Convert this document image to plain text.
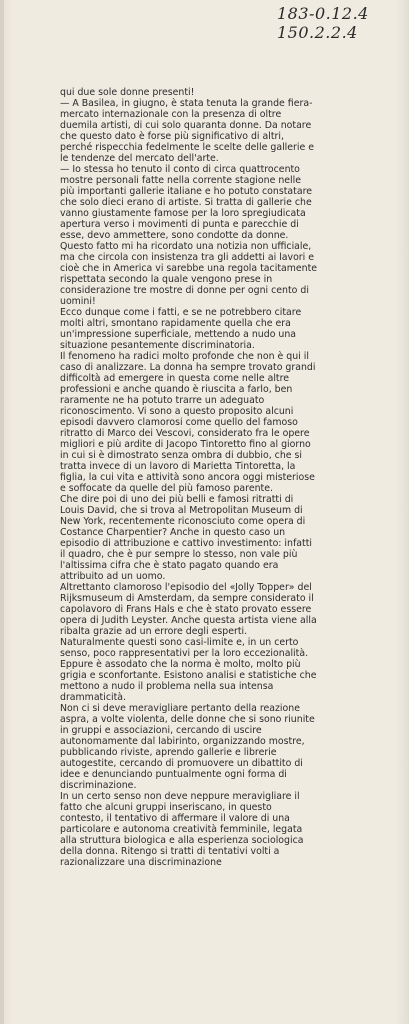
183-0.12.4
150.2.2.4

qui due sole donne presenti!

— A Basilea, in giugno, è stata tenuta la grande fiera-mercato internazionale con la presenza di oltre duemila artisti, di cui solo quaranta donne. Da notare che questo dato è forse più significativo di altri, perché rispecchia fedelmente le scelte delle gallerie e le tendenze del mercato dell'arte.

— Io stessa ho tenuto il conto di circa quattrocento mostre personali fatte nella corrente stagione nelle più importanti gallerie italiane e ho potuto constatare che solo dieci erano di artiste. Si tratta di gallerie che vanno giustamente famose per la loro spregiudicata apertura verso i movimenti di punta e parecchie di esse, devo ammettere, sono condotte da donne. Questo fatto mi ha ricordato una notizia non ufficiale, ma che circola con insistenza tra gli addetti ai lavori e cioè che in America vi sarebbe una regola tacitamente rispettata secondo la quale vengono prese in considerazione tre mostre di donne per ogni cento di uomini!

Ecco dunque come i fatti, e se ne potrebbero citare molti altri, smontano rapidamente quella che era un'impressione superficiale, mettendo a nudo una situazione pesantemente discriminatoria.

Il fenomeno ha radici molto profonde che non è qui il caso di analizzare. La donna ha sempre trovato grandi difficoltà ad emergere in questa come nelle altre professioni e anche quando è riuscita a farlo, ben raramente ne ha potuto trarre un adeguato riconoscimento. Vi sono a questo proposito alcuni episodi davvero clamorosi come quello del famoso ritratto di Marco dei Vescovi, considerato fra le opere migliori e più ardite di Jacopo Tintoretto fino al giorno in cui si è dimostrato senza ombra di dubbio, che si tratta invece di un lavoro di Marietta Tintoretta, la figlia, la cui vita e attività sono ancora oggi misteriose e soffocate da quelle del più famoso parente.

Che dire poi di uno dei più belli e famosi ritratti di Louis David, che si trova al Metropolitan Museum di New York, recentemente riconosciuto come opera di Costance Charpentier? Anche in questo caso un episodio di attribuzione e cattivo investimento: infatti il quadro, che è pur sempre lo stesso, non vale più l'altissima cifra che è stato pagato quando era attribuito ad un uomo.

Altrettanto clamoroso l'episodio del «Jolly Topper» del Rijksmuseum di Amsterdam, da sempre considerato il capolavoro di Frans Hals e che è stato provato essere opera di Judith Leyster. Anche questa artista viene alla ribalta grazie ad un errore degli esperti.

Naturalmente questi sono casi-limite e, in un certo senso, poco rappresentativi per la loro eccezionalità. Eppure è assodato che la norma è molto, molto più grigia e sconfortante. Esistono analisi e statistiche che mettono a nudo il problema nella sua intensa drammaticità.

Non ci si deve meravigliare pertanto della reazione aspra, a volte violenta, delle donne che si sono riunite in gruppi e associazioni, cercando di uscire autonomamente dal labirinto, organizzando mostre, pubblicando riviste, aprendo gallerie e librerie autogestite, cercando di promuovere un dibattito di idee e denunciando puntualmente ogni forma di discriminazione.

In un certo senso non deve neppure meravigliare il fatto che alcuni gruppi inseriscano, in questo contesto, il tentativo di affermare il valore di una particolare e autonoma creatività femminile, legata alla struttura biologica e alla esperienza sociologica della donna. Ritengo si tratti di tentativi volti a razionalizzare una discriminazione
